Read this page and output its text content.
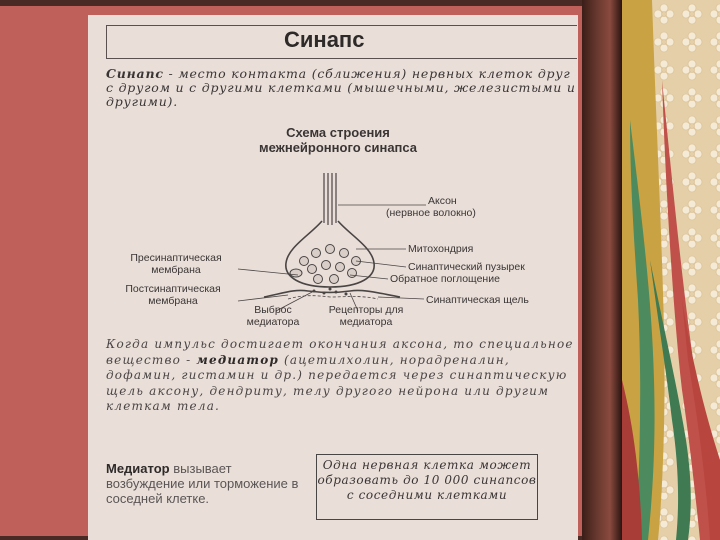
Синапс
Синапс - место контакта (сближения) нервных клеток друг с другом и с другими клетками (мышечными, железистыми и другими).
Схема строения
межнейронного синапса
Аксон
(нервное волокно)
Митохондрия
Синаптический пузырек
Обратное поглощение
Синаптическая щель
Пресинаптическая
мембрана
Постсинаптическая
мембрана
Выброс
медиатора
Рецепторы для
медиатора
Когда импульс достигает окончания аксона, то специальное вещество - медиатор (ацетилхолин, норадреналин, дофамин, гистамин и др.) передается через синаптическую щель аксону, дендриту, телу другого нейрона или другим клеткам тела.
Медиатор вызывает возбуждение или торможение в соседней клетке.
Одна нервная клетка может образовать до 10 000 синапсов с соседними клетками
